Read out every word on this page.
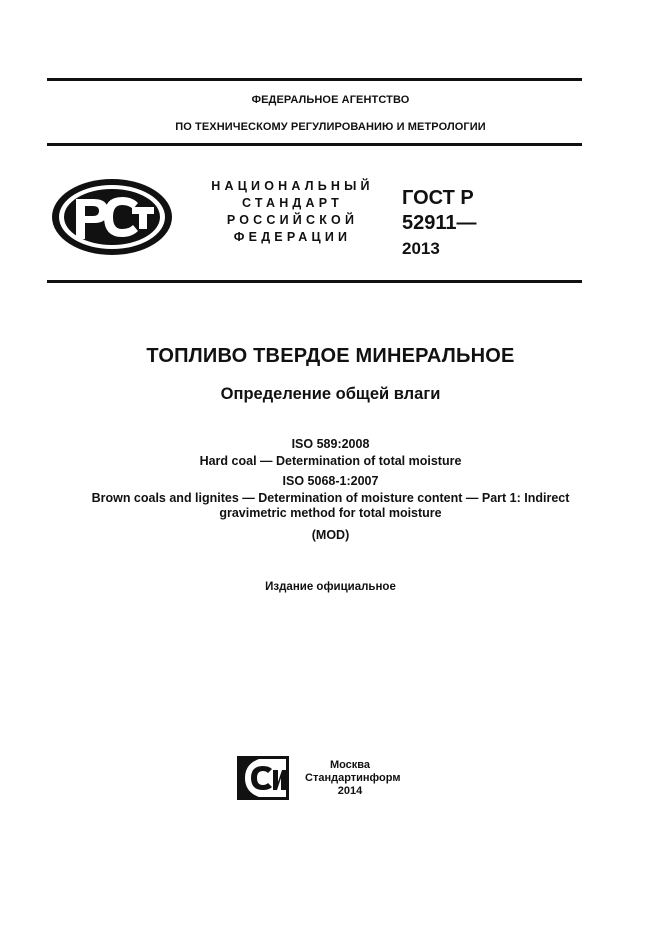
ФЕДЕРАЛЬНОЕ АГЕНТСТВО
ПО ТЕХНИЧЕСКОМУ РЕГУЛИРОВАНИЮ И МЕТРОЛОГИИ
НАЦИОНАЛЬНЫЙ
СТАНДАРТ
РОССИЙСКОЙ
ФЕДЕРАЦИИ
ГОСТ Р
52911—
2013
ТОПЛИВО ТВЕРДОЕ МИНЕРАЛЬНОЕ
Определение общей влаги
ISO 589:2008
Hard coal — Determination of total moisture
ISO 5068-1:2007
Brown coals and lignites — Determination of moisture content — Part 1: Indirect
gravimetric method for total moisture
(MOD)
Издание официальное
Москва
Стандартинформ
2014
